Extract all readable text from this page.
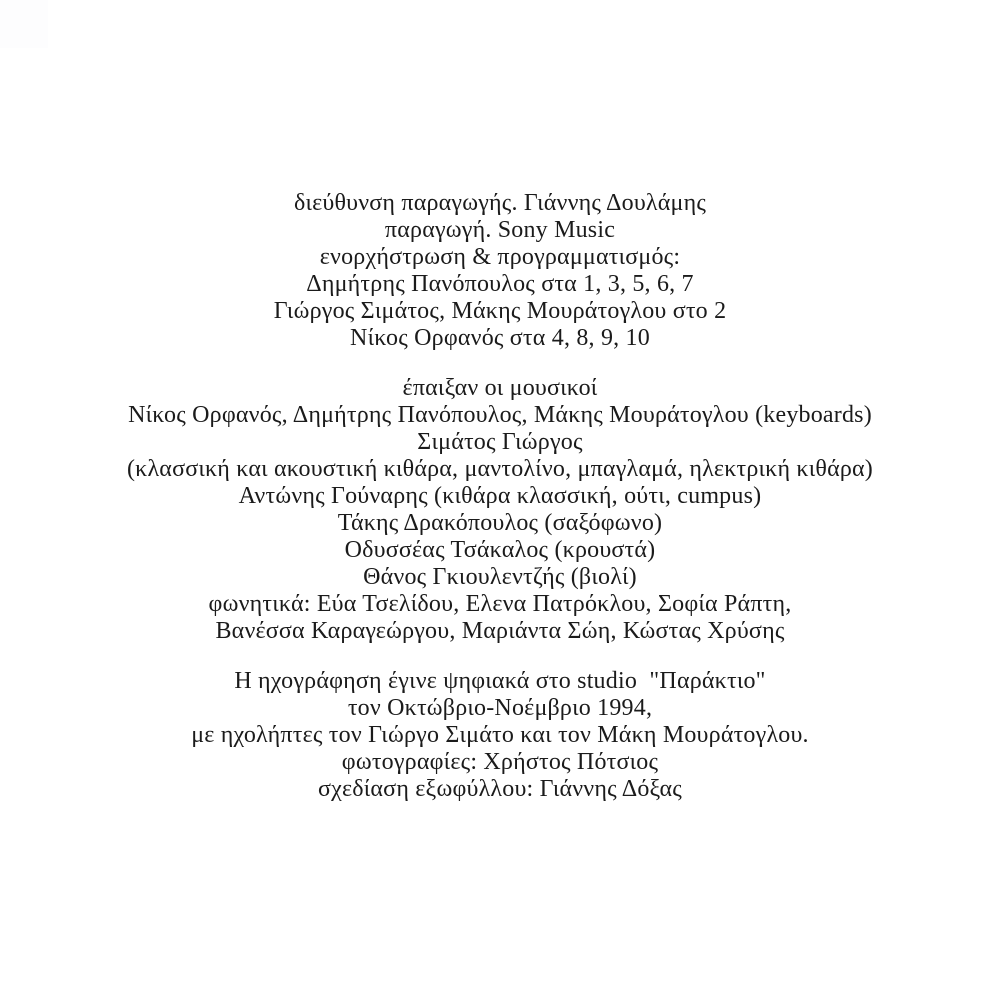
διεύθυνση παραγωγής. Γιάννης Δουλάμης
παραγωγή. Sony Music
ενορχήστρωση & προγραμματισμός:
Δημήτρης Πανόπουλος στα 1, 3, 5, 6, 7
Γιώργος Σιμάτος, Μάκης Μουράτογλου στο 2
Νίκος Ορφανός στα 4, 8, 9, 10
έπαιξαν οι μουσικοί
Νίκος Ορφανός, Δημήτρης Πανόπουλος, Μάκης Μουράτογλου (keyboards)
Σιμάτος Γιώργος
(κλασσική και ακουστική κιθάρα, μαντολίνο, μπαγλαμά, ηλεκτρική κιθάρα)
Αντώνης Γούναρης (κιθάρα κλασσική, ούτι, cumpus)
Τάκης Δρακόπουλος (σαξόφωνο)
Οδυσσέας Τσάκαλος (κρουστά)
Θάνος Γκιουλεντζής (βιολί)
φωνητικά: Εύα Τσελίδου, Ελενα Πατρόκλου, Σοφία Ράπτη,
Βανέσσα Καραγεώργου, Μαριάντα Σώη, Κώστας Χρύσης
Η ηχογράφηση έγινε ψηφιακά στο studio  "Παράκτιο"
τον Οκτώβριο-Νοέμβριο 1994,
με ηχολήπτες τον Γιώργο Σιμάτο και τον Μάκη Μουράτογλου.
φωτογραφίες: Χρήστος Πότσιος
σχεδίαση εξωφύλλου: Γιάννης Δόξας
